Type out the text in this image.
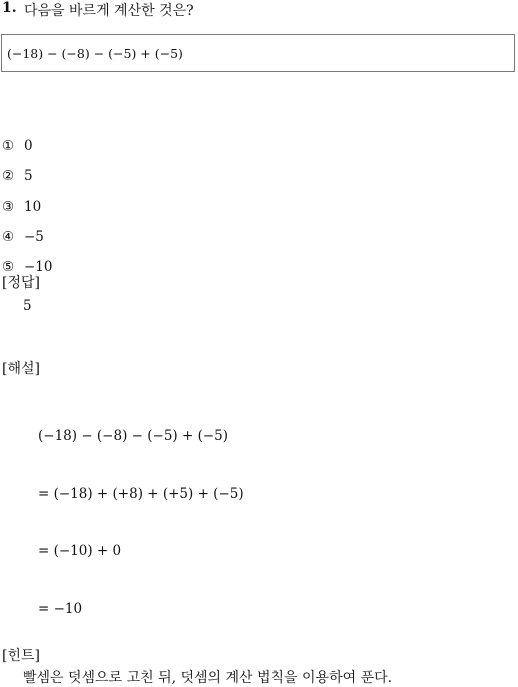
1. 다음을 바르게 계산한 것은?
(−18) − (−8) − (−5) + (−5)
① 0
② 5
③ 10
④ −5
⑤ −10
[정답]
5
[해설]
(−18) − (−8) − (−5) + (−5)
= (−18) + (+8) + (+5) + (−5)
= (−10) + 0
= −10
[힌트]
빨셈은 덧셈으로 고친 뒤, 덧셈의 계산 법칙을 이용하여 푼다.
